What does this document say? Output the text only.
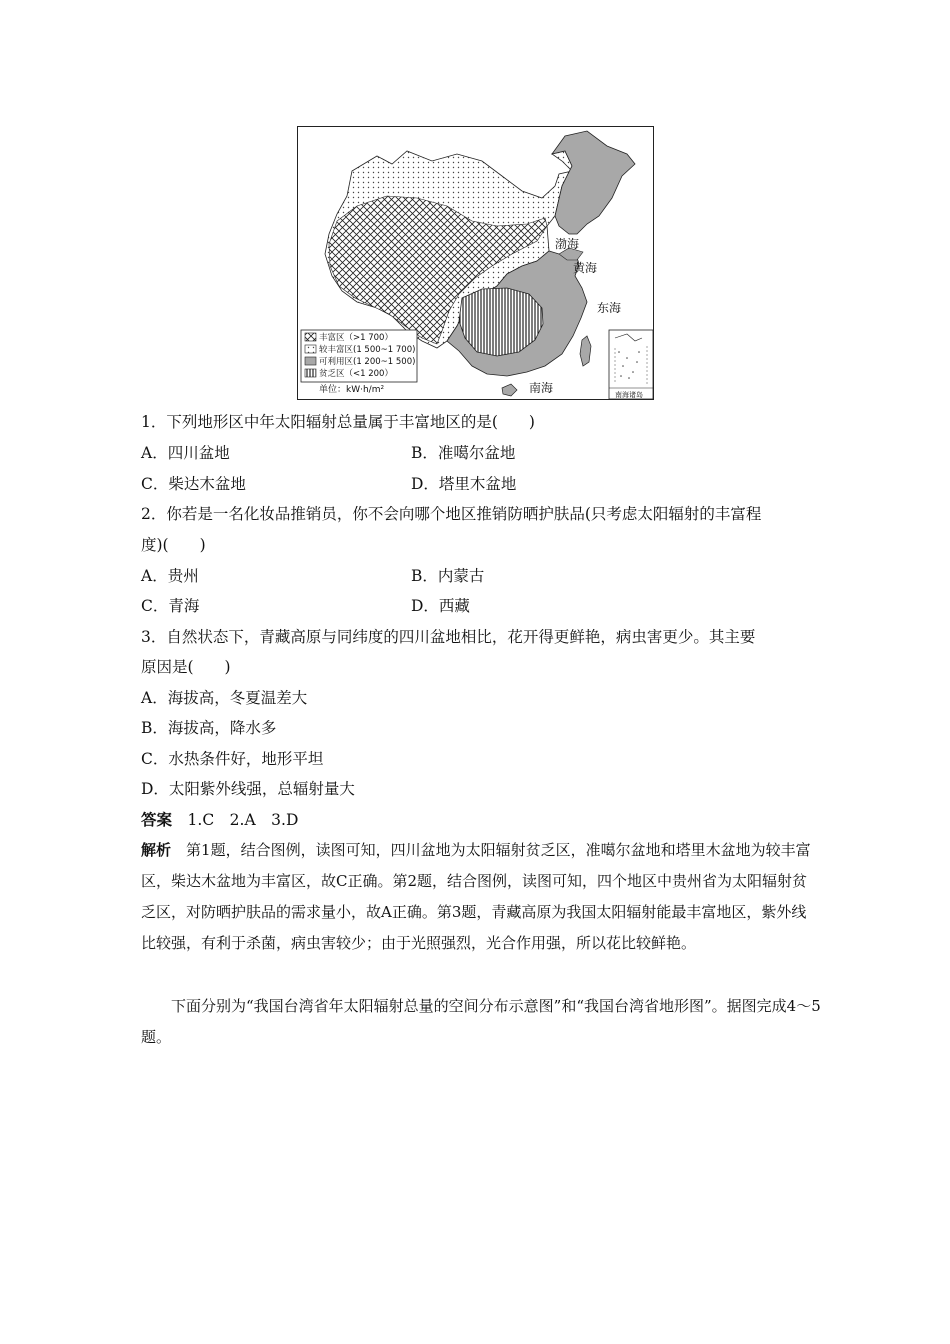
渤海
黄海
东海
南海	南海诸岛
丰富区（>1 700）
较丰富区(1 500~1 700)
可利用区(1 200~1 500)
贫乏区（<1 200）
单位：kW·h/m²
1．下列地形区中年太阳辐射总量属于丰富地区的是(　　)
A．四川盆地	B．准噶尔盆地
C．柴达木盆地	D．塔里木盆地
2．你若是一名化妆品推销员，你不会向哪个地区推销防晒护肤品(只考虑太阳辐射的丰富程
度)(　　)
A．贵州	B．内蒙古
C．青海	D．西藏
3．自然状态下，青藏高原与同纬度的四川盆地相比，花开得更鲜艳，病虫害更少。其主要
原因是(　　)
A．海拔高，冬夏温差大
B．海拔高，降水多
C．水热条件好，地形平坦
D．太阳紫外线强，总辐射量大
答案　 1.C　2.A　3.D
解析　 第1题，结合图例，读图可知，四川盆地为太阳辐射贫乏区，准噶尔盆地和塔里木盆地为较丰富区，柴达木盆地为丰富区，故C正确。第2题，结合图例，读图可知，四个地区中贵州省为太阳辐射贫乏区，对防晒护肤品的需求量小，故A正确。第3题，青藏高原为我国太阳辐射能最丰富地区，紫外线比较强，有利于杀菌，病虫害较少；由于光照强烈，光合作用强，所以花比较鲜艳。
下面分别为“我国台湾省年太阳辐射总量的空间分布示意图”和“我国台湾省地形图”。据图完成4～5题。
